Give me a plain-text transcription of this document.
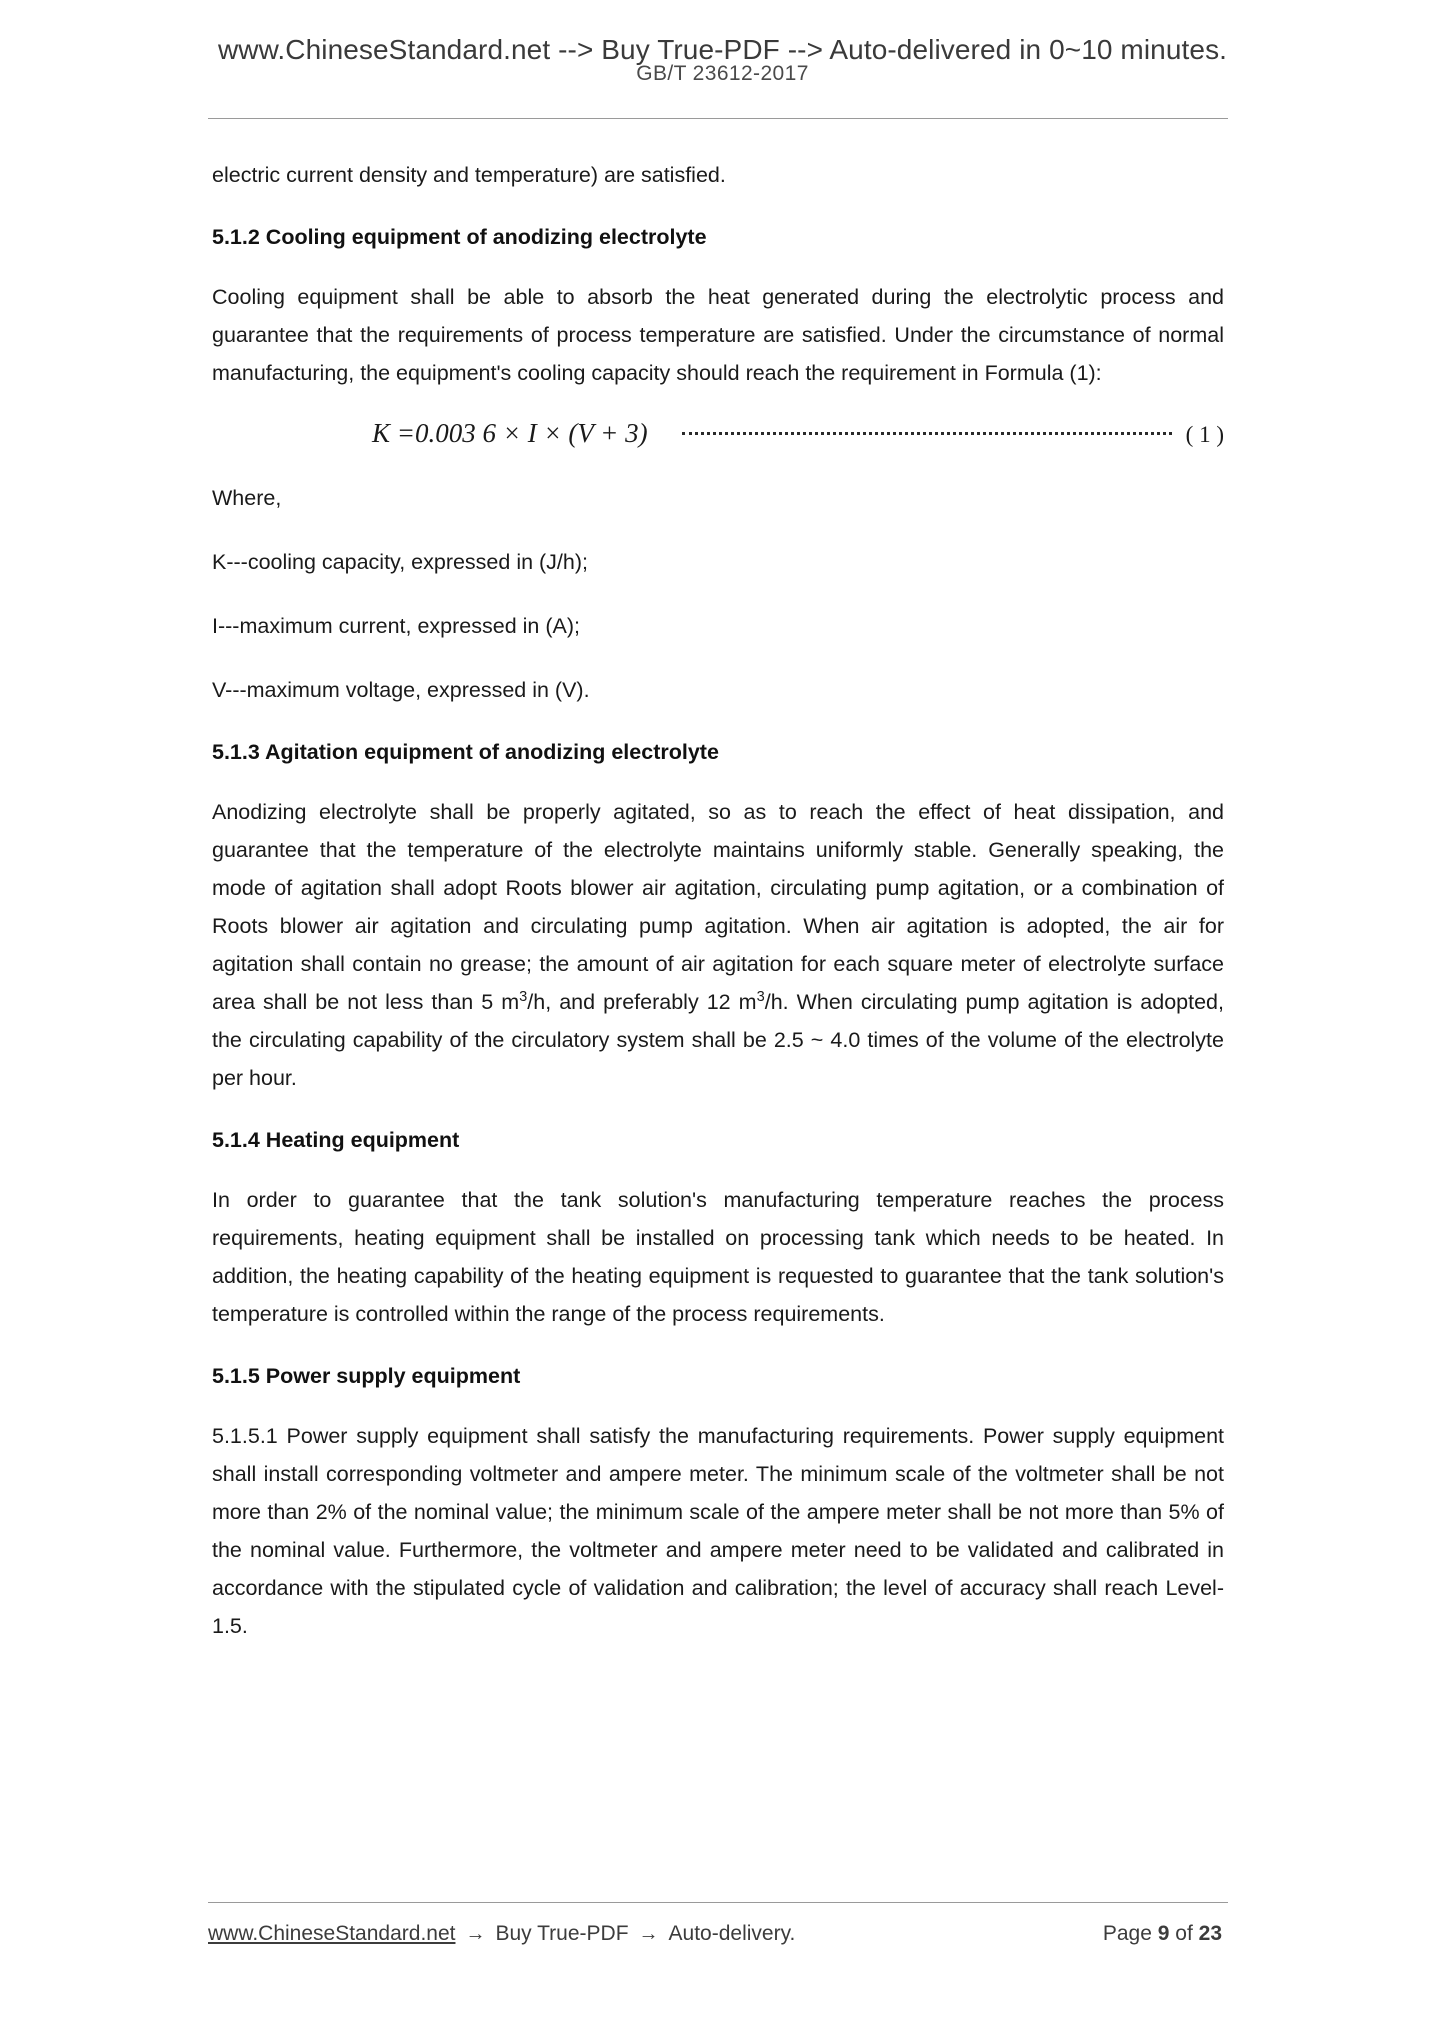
www.ChineseStandard.net --> Buy True-PDF --> Auto-delivered in 0~10 minutes.
GB/T 23612-2017

electric current density and temperature) are satisfied.

5.1.2 Cooling equipment of anodizing electrolyte

Cooling equipment shall be able to absorb the heat generated during the electrolytic process and guarantee that the requirements of process temperature are satisfied. Under the circumstance of normal manufacturing, the equipment's cooling capacity should reach the requirement in Formula (1):

K =0.003 6 × I × (V + 3)	( 1 )

Where,

K---cooling capacity, expressed in (J/h);

I---maximum current, expressed in (A);

V---maximum voltage, expressed in (V).

5.1.3 Agitation equipment of anodizing electrolyte

Anodizing electrolyte shall be properly agitated, so as to reach the effect of heat dissipation, and guarantee that the temperature of the electrolyte maintains uniformly stable. Generally speaking, the mode of agitation shall adopt Roots blower air agitation, circulating pump agitation, or a combination of Roots blower air agitation and circulating pump agitation. When air agitation is adopted, the air for agitation shall contain no grease; the amount of air agitation for each square meter of electrolyte surface area shall be not less than 5 $m^3/h$, and preferably 12 $m^3/h$. When circulating pump agitation is adopted, the circulating capability of the circulatory system shall be 2.5 ~ 4.0 times of the volume of the electrolyte per hour.

5.1.4 Heating equipment

In order to guarantee that the tank solution's manufacturing temperature reaches the process requirements, heating equipment shall be installed on processing tank which needs to be heated. In addition, the heating capability of the heating equipment is requested to guarantee that the tank solution's temperature is controlled within the range of the process requirements.

5.1.5 Power supply equipment

5.1.5.1 Power supply equipment shall satisfy the manufacturing requirements. Power supply equipment shall install corresponding voltmeter and ampere meter. The minimum scale of the voltmeter shall be not more than 2% of the nominal value; the minimum scale of the ampere meter shall be not more than 5% of the nominal value. Furthermore, the voltmeter and ampere meter need to be validated and calibrated in accordance with the stipulated cycle of validation and calibration; the level of accuracy shall reach Level-1.5.

www.ChineseStandard.net → Buy True-PDF → Auto-delivery.	Page 9 of 23
